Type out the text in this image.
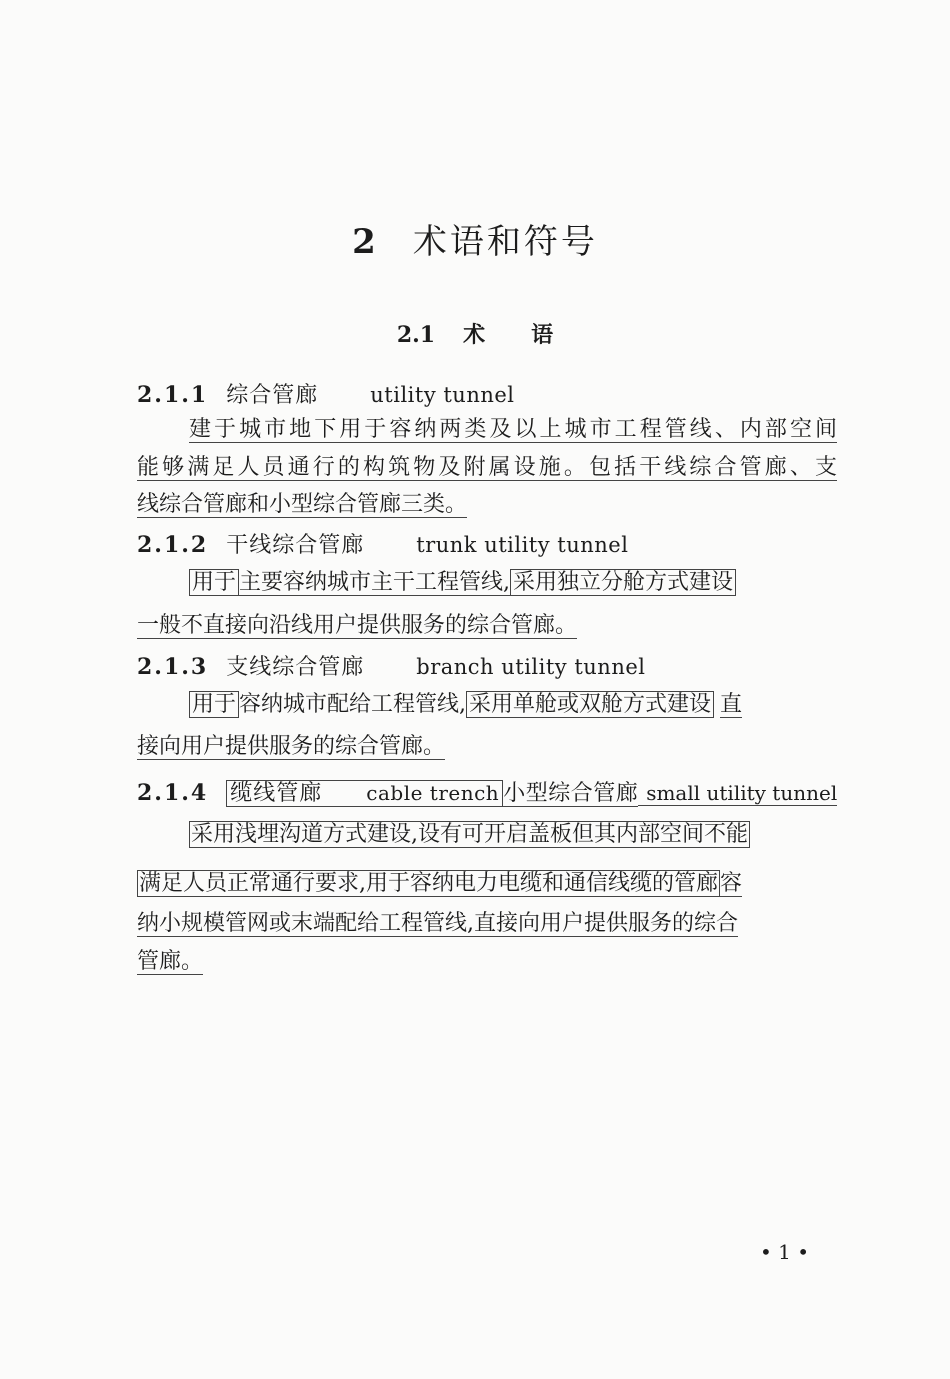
2 术语和符号
2.1 术 语
2.1.1 综合管廊 utility tunnel
建于城市地下用于容纳两类及以上城市工程管线、内部空间
能够满足人员通行的构筑物及附属设施。包括干线综合管廊、支
线综合管廊和小型综合管廊三类。
2.1.2 干线综合管廊 trunk utility tunnel
用于 主要容纳城市主干工程管线, 采用独立分舱方式建设
一般不直接向沿线用户提供服务的综合管廊。
2.1.3 支线综合管廊 branch utility tunnel
用于 容纳城市配给工程管线, 采用单舱或双舱方式建设 直
接向用户提供服务的综合管廊。
2.1.4 缆线管廊 cable trench 小型综合管廊 small utility tunnel
采用浅埋沟道方式建设,设有可开启盖板但其内部空间不能
满足人员正常通行要求,用于容纳电力电缆和通信线缆的管廊容
纳小规模管网或末端配给工程管线,直接向用户提供服务的综合
管廊。
• 1 •
